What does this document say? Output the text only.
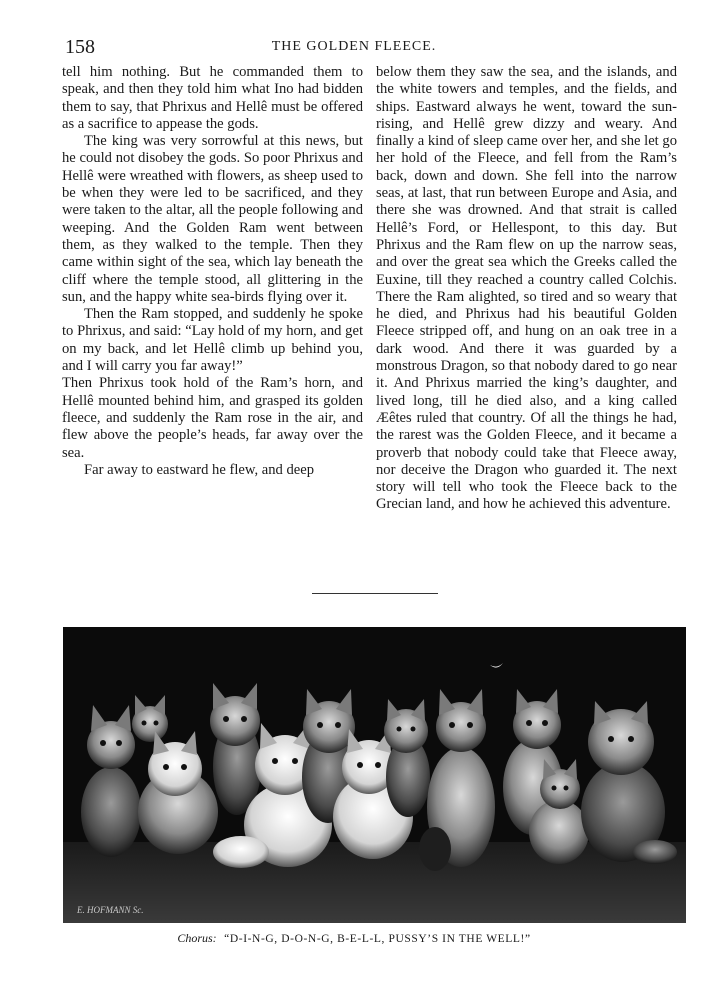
158	THE GOLDEN FLEECE.

tell him nothing. But he commanded them to speak, and then they told him what Ino had bidden them to say, that Phrixus and Hellê must be offered as a sacrifice to appease the gods.

The king was very sorrowful at this news, but he could not disobey the gods. So poor Phrixus and Hellê were wreathed with flowers, as sheep used to be when they were led to be sacrificed, and they were taken to the altar, all the people following and weeping. And the Golden Ram went between them, as they walked to the temple. Then they came within sight of the sea, which lay beneath the cliff where the temple stood, all glittering in the sun, and the happy white sea-birds flying over it.

Then the Ram stopped, and suddenly he spoke to Phrixus, and said: “Lay hold of my horn, and get on my back, and let Hellê climb up behind you, and I will carry you far away!”

Then Phrixus took hold of the Ram’s horn, and Hellê mounted behind him, and grasped its golden fleece, and suddenly the Ram rose in the air, and flew above the people’s heads, far away over the sea.

Far away to eastward he flew, and deep

below them they saw the sea, and the islands, and the white towers and temples, and the fields, and ships. Eastward always he went, toward the sun-rising, and Hellê grew dizzy and weary. And finally a kind of sleep came over her, and she let go her hold of the Fleece, and fell from the Ram’s back, down and down. She fell into the narrow seas, at last, that run between Europe and Asia, and there she was drowned. And that strait is called Hellê’s Ford, or Hellespont, to this day. But Phrixus and the Ram flew on up the narrow seas, and over the great sea which the Greeks called the Euxine, till they reached a country called Colchis. There the Ram alighted, so tired and so weary that he died, and Phrixus had his beautiful Golden Fleece stripped off, and hung on an oak tree in a dark wood. And there it was guarded by a monstrous Dragon, so that nobody dared to go near it. And Phrixus married the king’s daughter, and lived long, till he died also, and a king called Æêtes ruled that country. Of all the things he had, the rarest was the Golden Fleece, and it became a proverb that nobody could take that Fleece away, nor deceive the Dragon who guarded it. The next story will tell who took the Fleece back to the Grecian land, and how he achieved this adventure.

E. HOFMANN Sc.
Chorus: “D-I-N-G, D-O-N-G, B-E-L-L, PUSSY’S IN THE WELL!”
